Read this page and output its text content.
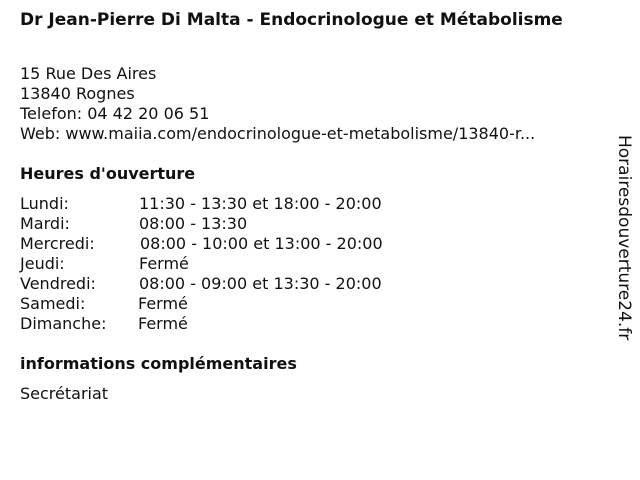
Dr Jean-Pierre Di Malta - Endocrinologue et Métabolisme
15 Rue Des Aires
13840 Rognes
Telefon: 04 42 20 06 51
Web: www.maiia.com/endocrinologue-et-metabolisme/13840-r...
Heures d'ouverture
Lundi:	11:30 - 13:30 et 18:00 - 20:00
Mardi:	08:00 - 13:30
Mercredi:	08:00 - 10:00 et 13:00 - 20:00
Jeudi:	Fermé
Vendredi:	08:00 - 09:00 et 13:30 - 20:00
Samedi:	Fermé
Dimanche: Fermé
informations complémentaires
Secrétariat
Horairesdouverture24.fr
